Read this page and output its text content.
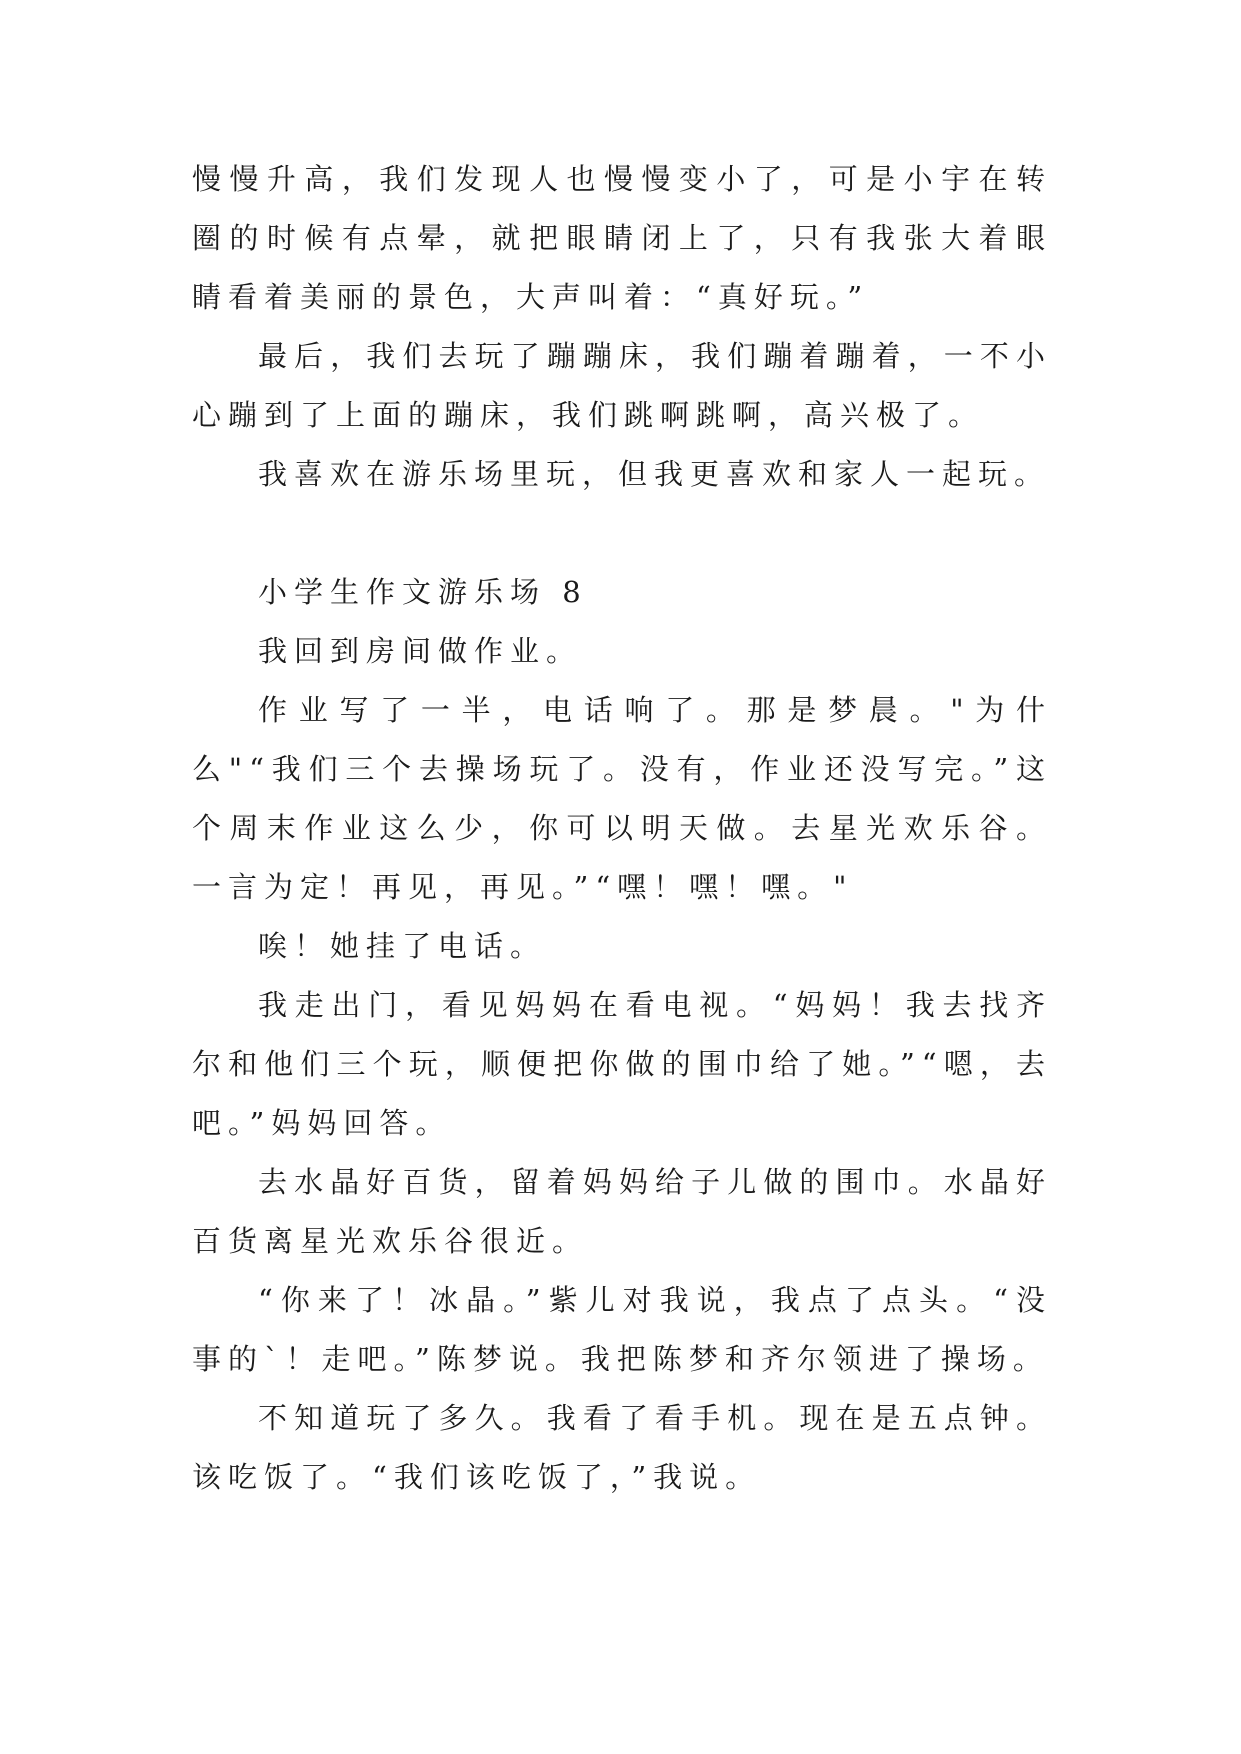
慢慢升高，我们发现人也慢慢变小了，可是小宇在转圈的时候有点晕，就把眼睛闭上了，只有我张大着眼睛看着美丽的景色，大声叫着：“真好玩。”

最后，我们去玩了蹦蹦床，我们蹦着蹦着，一不小心蹦到了上面的蹦床，我们跳啊跳啊，高兴极了。

我喜欢在游乐场里玩，但我更喜欢和家人一起玩。

小学生作文游乐场 8

我回到房间做作业。

作业写了一半，电话响了。那是梦晨。"为什么"“我们三个去操场玩了。没有，作业还没写完。”这个周末作业这么少，你可以明天做。去星光欢乐谷。一言为定！再见，再见。”“嘿！嘿！嘿。"

唉！她挂了电话。

我走出门，看见妈妈在看电视。“妈妈！我去找齐尔和他们三个玩，顺便把你做的围巾给了她。”“嗯，去吧。”妈妈回答。

去水晶好百货，留着妈妈给子儿做的围巾。水晶好百货离星光欢乐谷很近。

“你来了！冰晶。”紫儿对我说，我点了点头。“没事的`！走吧。”陈梦说。我把陈梦和齐尔领进了操场。

不知道玩了多久。我看了看手机。现在是五点钟。该吃饭了。“我们该吃饭了，”我说。
